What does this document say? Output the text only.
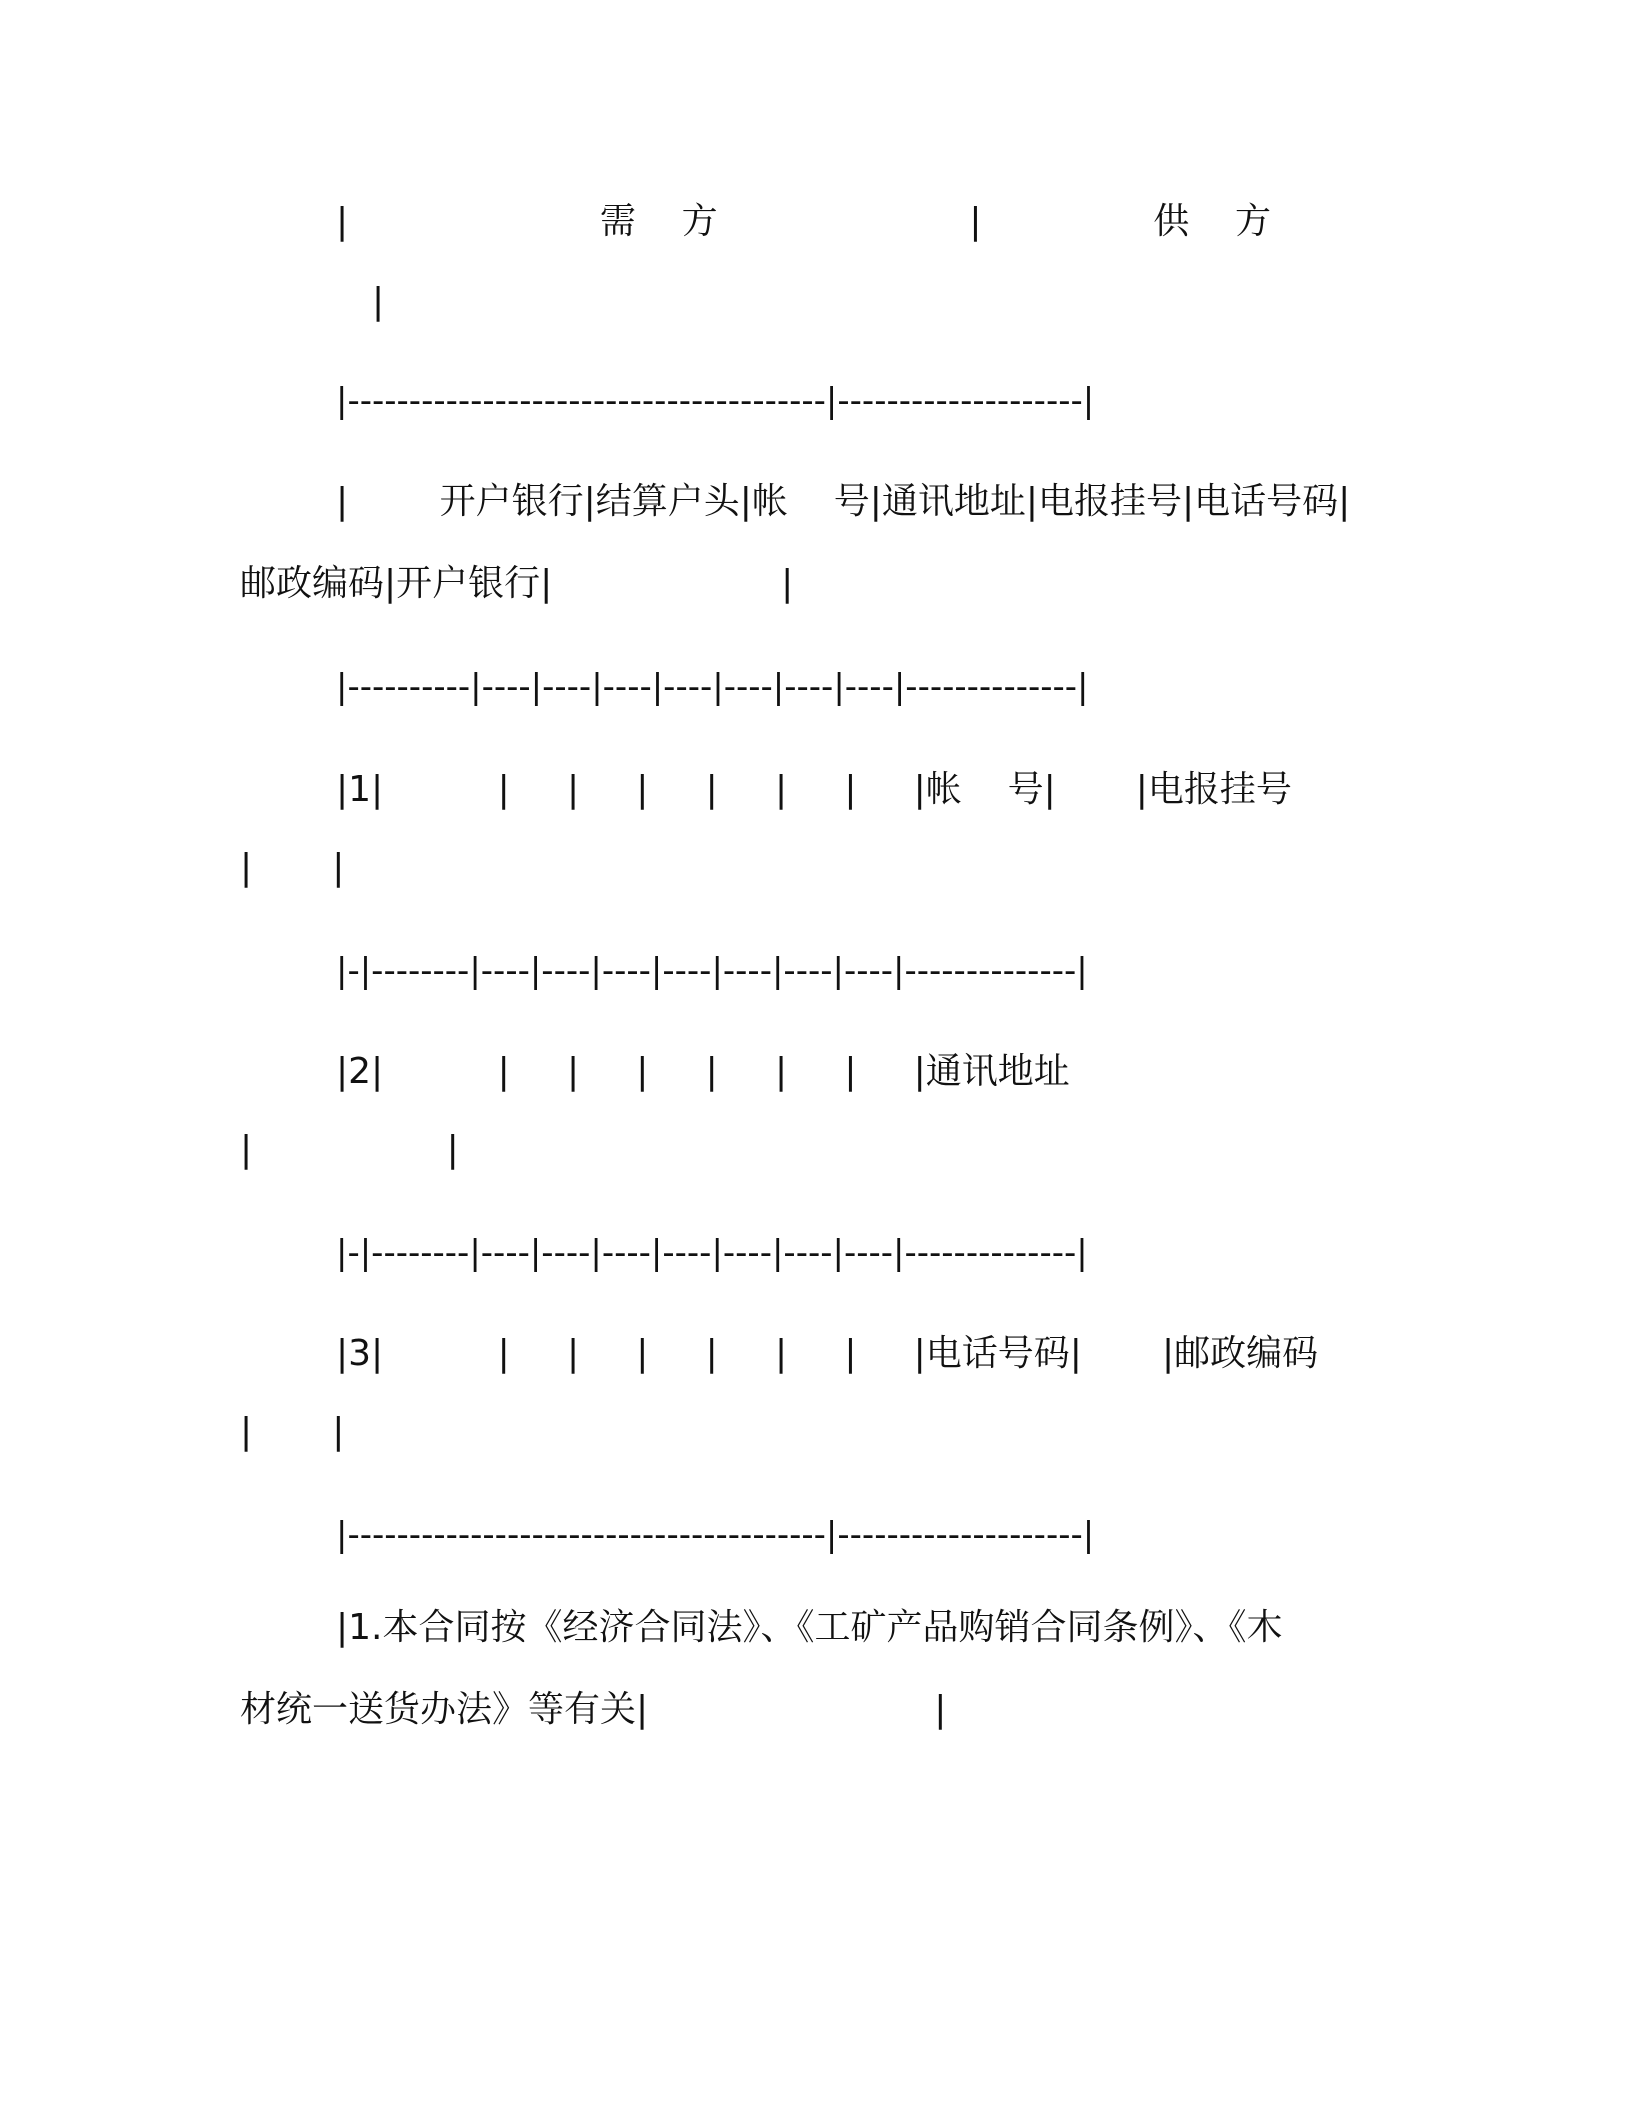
|                      需    方                      |               供    方
|
|---------------------------------------|--------------------|
|        开户银行|结算户头|帐    号|通讯地址|电报挂号|电话号码|
邮政编码|开户银行|                    |
|----------|----|----|----|----|----|----|----|--------------|
|1|          |     |     |     |     |     |     |帐    号|       |电报挂号
|       |
|-|--------|----|----|----|----|----|----|----|--------------|
|2|          |     |     |     |     |     |     |通讯地址
|                 |
|-|--------|----|----|----|----|----|----|----|--------------|
|3|          |     |     |     |     |     |     |电话号码|       |邮政编码
|       |
|---------------------------------------|--------------------|
|1.本合同按《经济合同法》、《工矿产品购销合同条例》、《木
材统一送货办法》等有关|                         |
